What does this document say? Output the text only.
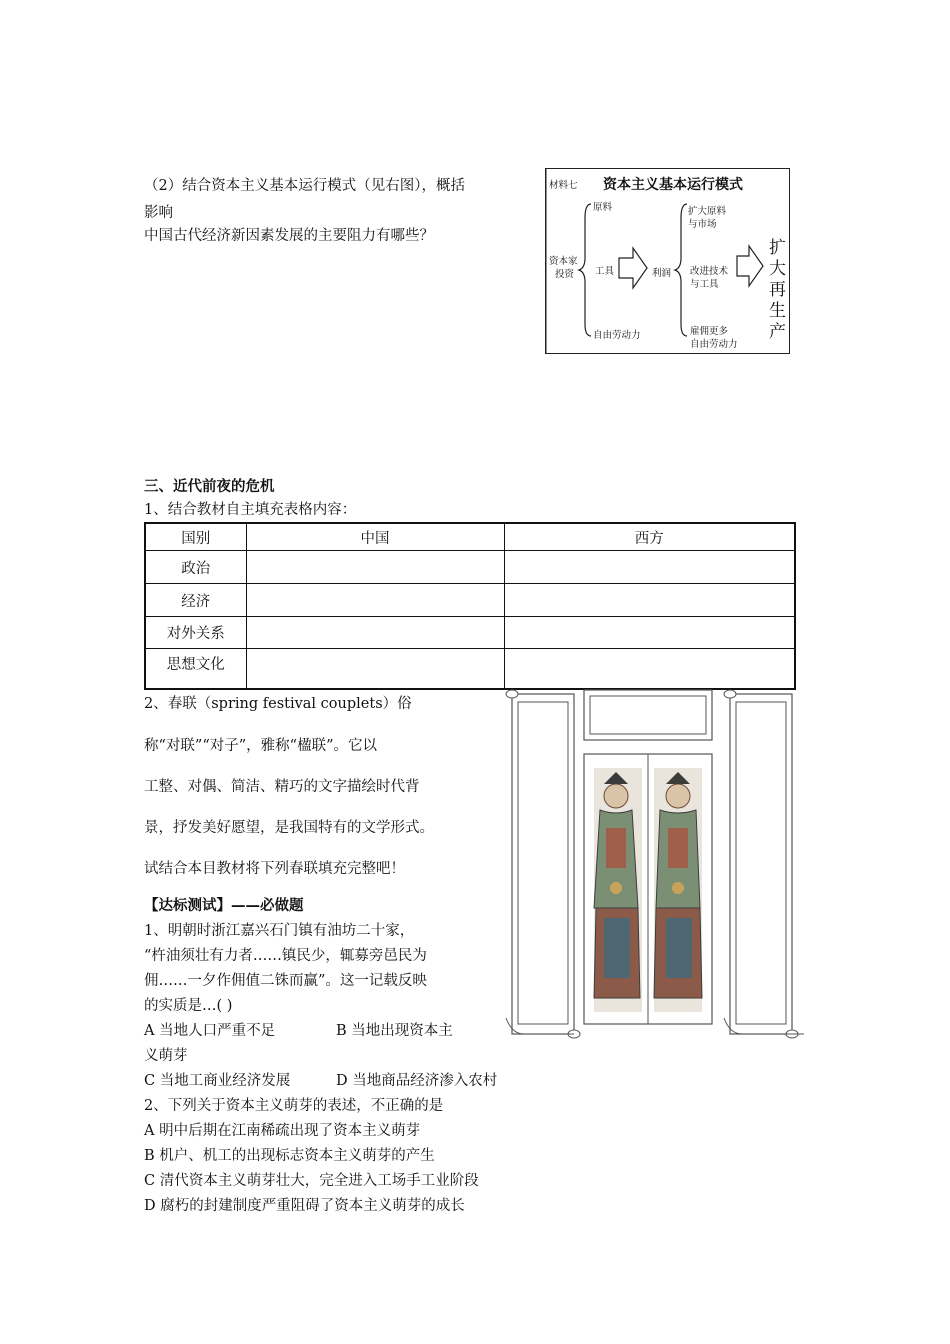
（2）结合资本主义基本运行模式（见右图），概括
影响
中国古代经济新因素发展的主要阻力有哪些？
材料七 资本主义基本运行模式
资本家
投资
原料
工具
自由劳动力
利润
扩大原料
与市场
改进技术
与工具
雇佣更多
自由劳动力
扩
大
再
生
产
三、近代前夜的危机
1、结合教材自主填充表格内容：
国别	中国	西方
政治		
经济		
对外关系		
思想文化		
2、春联（spring festival couplets）俗
称“对联”“对子”，雅称“楹联”。它以
工整、对偶、简洁、精巧的文字描绘时代背
景，抒发美好愿望，是我国特有的文学形式。
试结合本目教材将下列春联填充完整吧！
【达标测试】——必做题
1、明朝时浙江嘉兴石门镇有油坊二十家，
“杵油须壮有力者……镇民少，辄募旁邑民为
佣……一夕作佣值二铢而赢”。这一记载反映
的实质是…( )
A 当地人口严重不足	B 当地出现资本主
义萌芽
C 当地工商业经济发展	D 当地商品经济渗入农村
2、下列关于资本主义萌芽的表述，不正确的是
A 明中后期在江南稀疏出现了资本主义萌芽
B 机户、机工的出现标志资本主义萌芽的产生
C 清代资本主义萌芽壮大，完全进入工场手工业阶段
D 腐朽的封建制度严重阻碍了资本主义萌芽的成长
